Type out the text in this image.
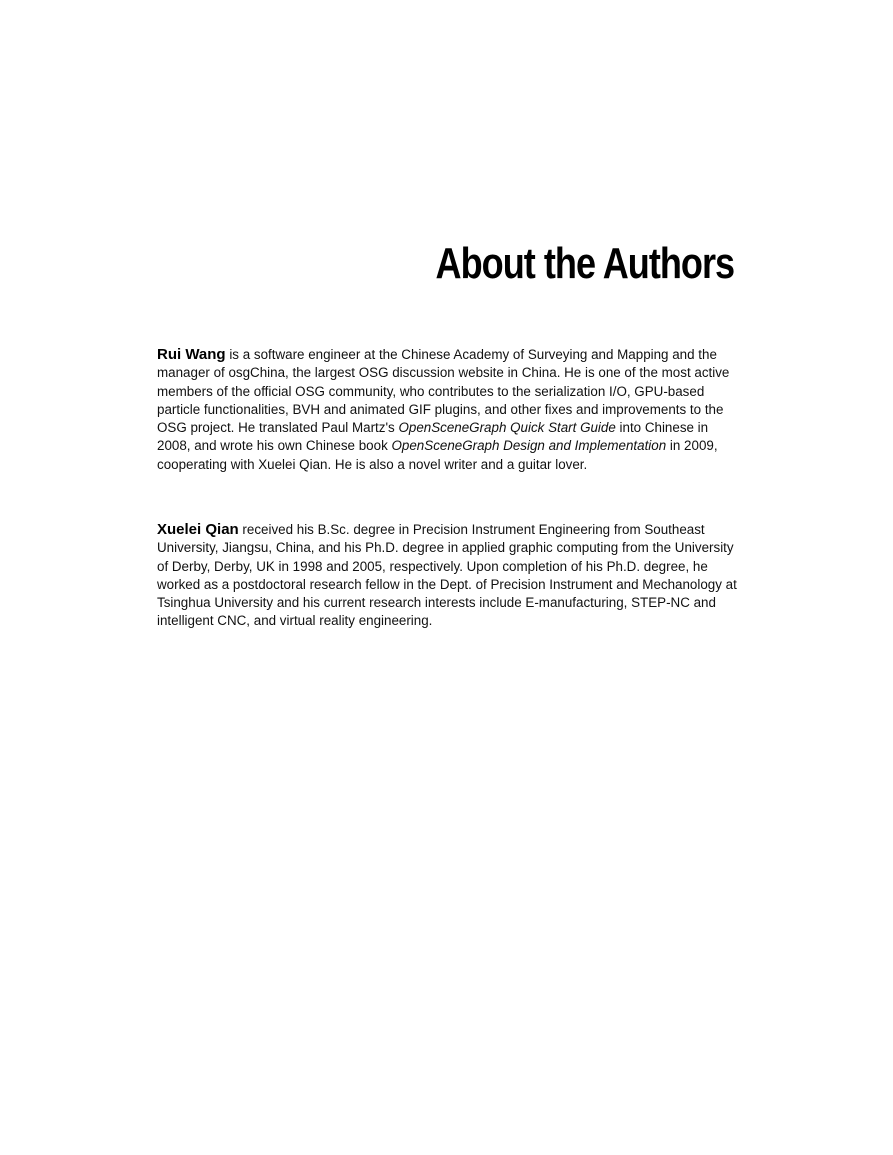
About the Authors

Rui Wang is a software engineer at the Chinese Academy of Surveying and Mapping and the manager of osgChina, the largest OSG discussion website in China. He is one of the most active members of the official OSG community, who contributes to the serialization I/O, GPU-based particle functionalities, BVH and animated GIF plugins, and other fixes and improvements to the OSG project. He translated Paul Martz's OpenSceneGraph Quick Start Guide into Chinese in 2008, and wrote his own Chinese book OpenSceneGraph Design and Implementation in 2009, cooperating with Xuelei Qian. He is also a novel writer and a guitar lover.

Xuelei Qian received his B.Sc. degree in Precision Instrument Engineering from Southeast University, Jiangsu, China, and his Ph.D. degree in applied graphic computing from the University of Derby, Derby, UK in 1998 and 2005, respectively. Upon completion of his Ph.D. degree, he worked as a postdoctoral research fellow in the Dept. of Precision Instrument and Mechanology at Tsinghua University and his current research interests include E-manufacturing, STEP-NC and intelligent CNC, and virtual reality engineering.
